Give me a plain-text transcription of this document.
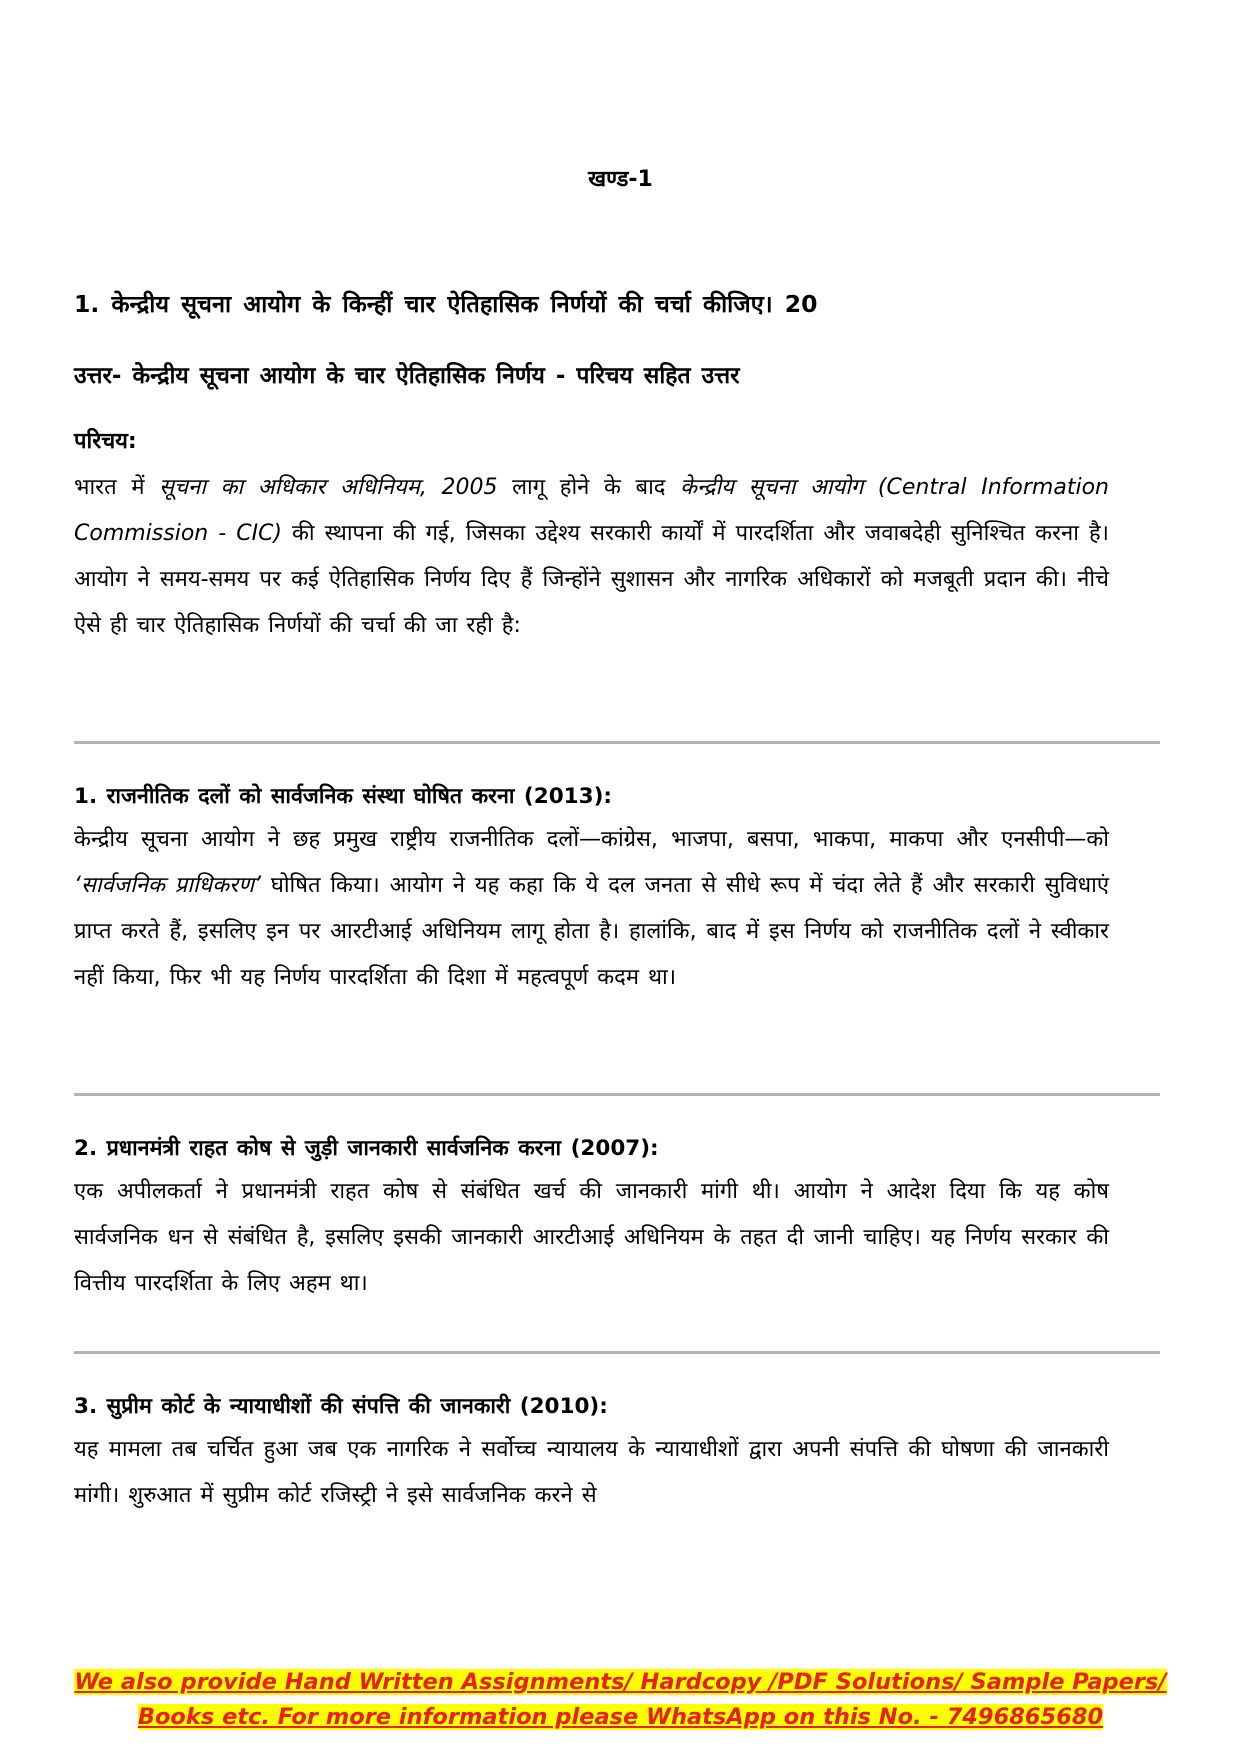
खण्ड-1
1. केन्द्रीय सूचना आयोग के किन्हीं चार ऐतिहासिक निर्णयों की चर्चा कीजिए। 20
उत्तर- केन्द्रीय सूचना आयोग के चार ऐतिहासिक निर्णय - परिचय सहित उत्तर
परिचय:
भारत में सूचना का अधिकार अधिनियम, 2005 लागू होने के बाद केन्द्रीय सूचना आयोग (Central Information Commission - CIC) की स्थापना की गई, जिसका उद्देश्य सरकारी कार्यों में पारदर्शिता और जवाबदेही सुनिश्चित करना है। आयोग ने समय-समय पर कई ऐतिहासिक निर्णय दिए हैं जिन्होंने सुशासन और नागरिक अधिकारों को मजबूती प्रदान की। नीचे ऐसे ही चार ऐतिहासिक निर्णयों की चर्चा की जा रही है:
1. राजनीतिक दलों को सार्वजनिक संस्था घोषित करना (2013):
केन्द्रीय सूचना आयोग ने छह प्रमुख राष्ट्रीय राजनीतिक दलों—कांग्रेस, भाजपा, बसपा, भाकपा, माकपा और एनसीपी—को ‘सार्वजनिक प्राधिकरण’ घोषित किया। आयोग ने यह कहा कि ये दल जनता से सीधे रूप में चंदा लेते हैं और सरकारी सुविधाएं प्राप्त करते हैं, इसलिए इन पर आरटीआई अधिनियम लागू होता है। हालांकि, बाद में इस निर्णय को राजनीतिक दलों ने स्वीकार नहीं किया, फिर भी यह निर्णय पारदर्शिता की दिशा में महत्वपूर्ण कदम था।
2. प्रधानमंत्री राहत कोष से जुड़ी जानकारी सार्वजनिक करना (2007):
एक अपीलकर्ता ने प्रधानमंत्री राहत कोष से संबंधित खर्च की जानकारी मांगी थी। आयोग ने आदेश दिया कि यह कोष सार्वजनिक धन से संबंधित है, इसलिए इसकी जानकारी आरटीआई अधिनियम के तहत दी जानी चाहिए। यह निर्णय सरकार की वित्तीय पारदर्शिता के लिए अहम था।
3. सुप्रीम कोर्ट के न्यायाधीशों की संपत्ति की जानकारी (2010):
यह मामला तब चर्चित हुआ जब एक नागरिक ने सर्वोच्च न्यायालय के न्यायाधीशों द्वारा अपनी संपत्ति की घोषणा की जानकारी मांगी। शुरुआत में सुप्रीम कोर्ट रजिस्ट्री ने इसे सार्वजनिक करने से
We also provide Hand Written Assignments/ Hardcopy /PDF Solutions/ Sample Papers/
Books etc. For more information please WhatsApp on this No. - 7496865680
